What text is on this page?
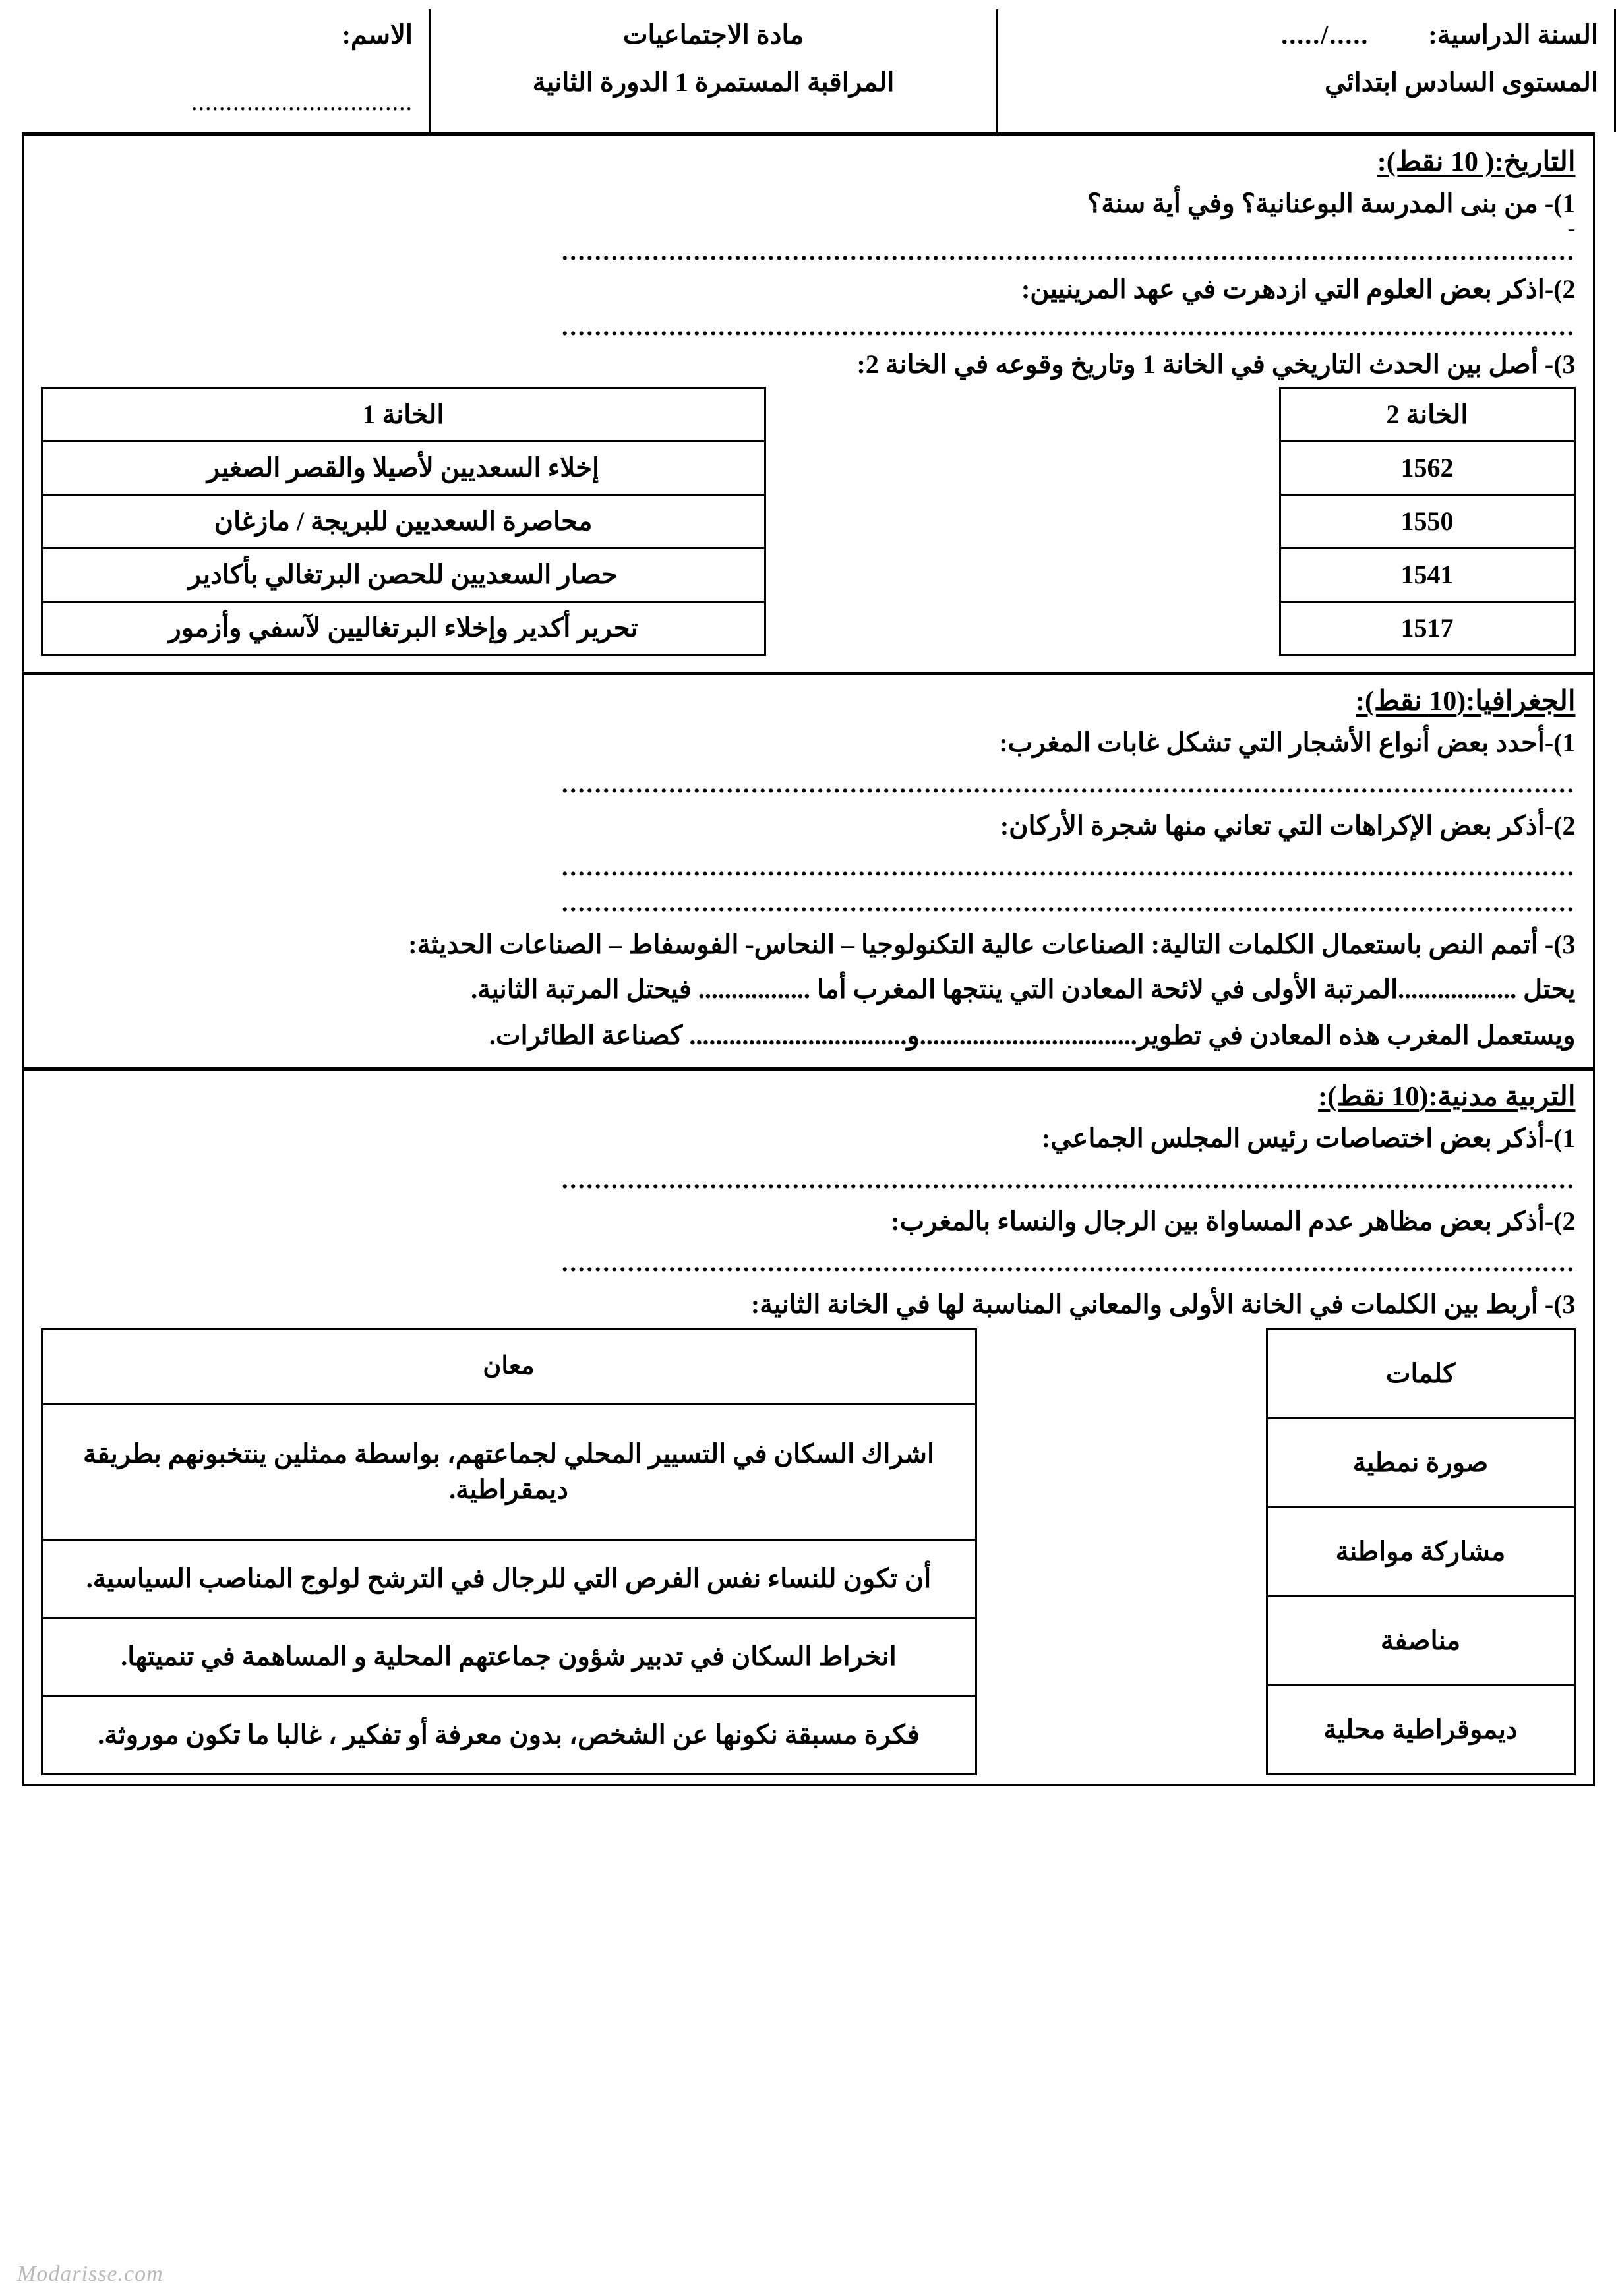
السنة الدراسية:...../.....
المستوى السادس ابتدائي

مادة الاجتماعيات
المراقبة المستمرة 1 الدورة الثانية

الاسم:
................................
التاريخ:( 10 نقط):
1)- من بنى المدرسة البوعنانية؟ وفي أية سنة؟
-
...........................................................................................................................
2)-اذكر بعض العلوم التي ازدهرت في عهد المرينيين:
...........................................................................................................................
3)- أصل بين الحدث التاريخي في الخانة 1 وتاريخ وقوعه في الخانة 2:
الخانة 2
1562
1550
1541
1517
الخانة 1
إخلاء السعديين لأصيلا والقصر الصغير
محاصرة السعديين للبريجة / مازغان
حصار السعديين للحصن البرتغالي بأكادير
تحرير أكدير وإخلاء البرتغاليين لآسفي وأزمور
الجغرافيا:(10 نقط):
1)-أحدد بعض أنواع الأشجار التي تشكل غابات المغرب:
...........................................................................................................................
2)-أذكر بعض الإكراهات التي تعاني منها شجرة الأركان:
...........................................................................................................................
...........................................................................................................................
3)- أتمم النص باستعمال الكلمات التالية: الصناعات عالية التكنولوجيا – النحاس- الفوسفاط – الصناعات الحديثة:
يحتل ..................المرتبة الأولى في لائحة المعادن التي ينتجها المغرب أما ................. فيحتل المرتبة الثانية.
ويستعمل المغرب هذه المعادن في تطوير.................................و................................. كصناعة الطائرات.
التربية مدنية:(10 نقط):
1)-أذكر بعض اختصاصات رئيس المجلس الجماعي:
...........................................................................................................................
2)-أذكر بعض مظاهر عدم المساواة بين الرجال والنساء بالمغرب:
...........................................................................................................................
3)- أربط بين الكلمات في الخانة الأولى والمعاني المناسبة لها في الخانة الثانية:
كلمات
صورة نمطية
مشاركة مواطنة
مناصفة
ديموقراطية محلية
معان
اشراك السكان في التسيير المحلي لجماعتهم، بواسطة ممثلين ينتخبونهم بطريقة ديمقراطية.
أن تكون للنساء نفس الفرص التي للرجال في الترشح لولوج المناصب السياسية.
انخراط السكان في تدبير شؤون جماعتهم المحلية و المساهمة في تنميتها.
فكرة مسبقة نكونها عن الشخص، بدون معرفة أو تفكير ، غالبا ما تكون موروثة.
Modarisse.com
